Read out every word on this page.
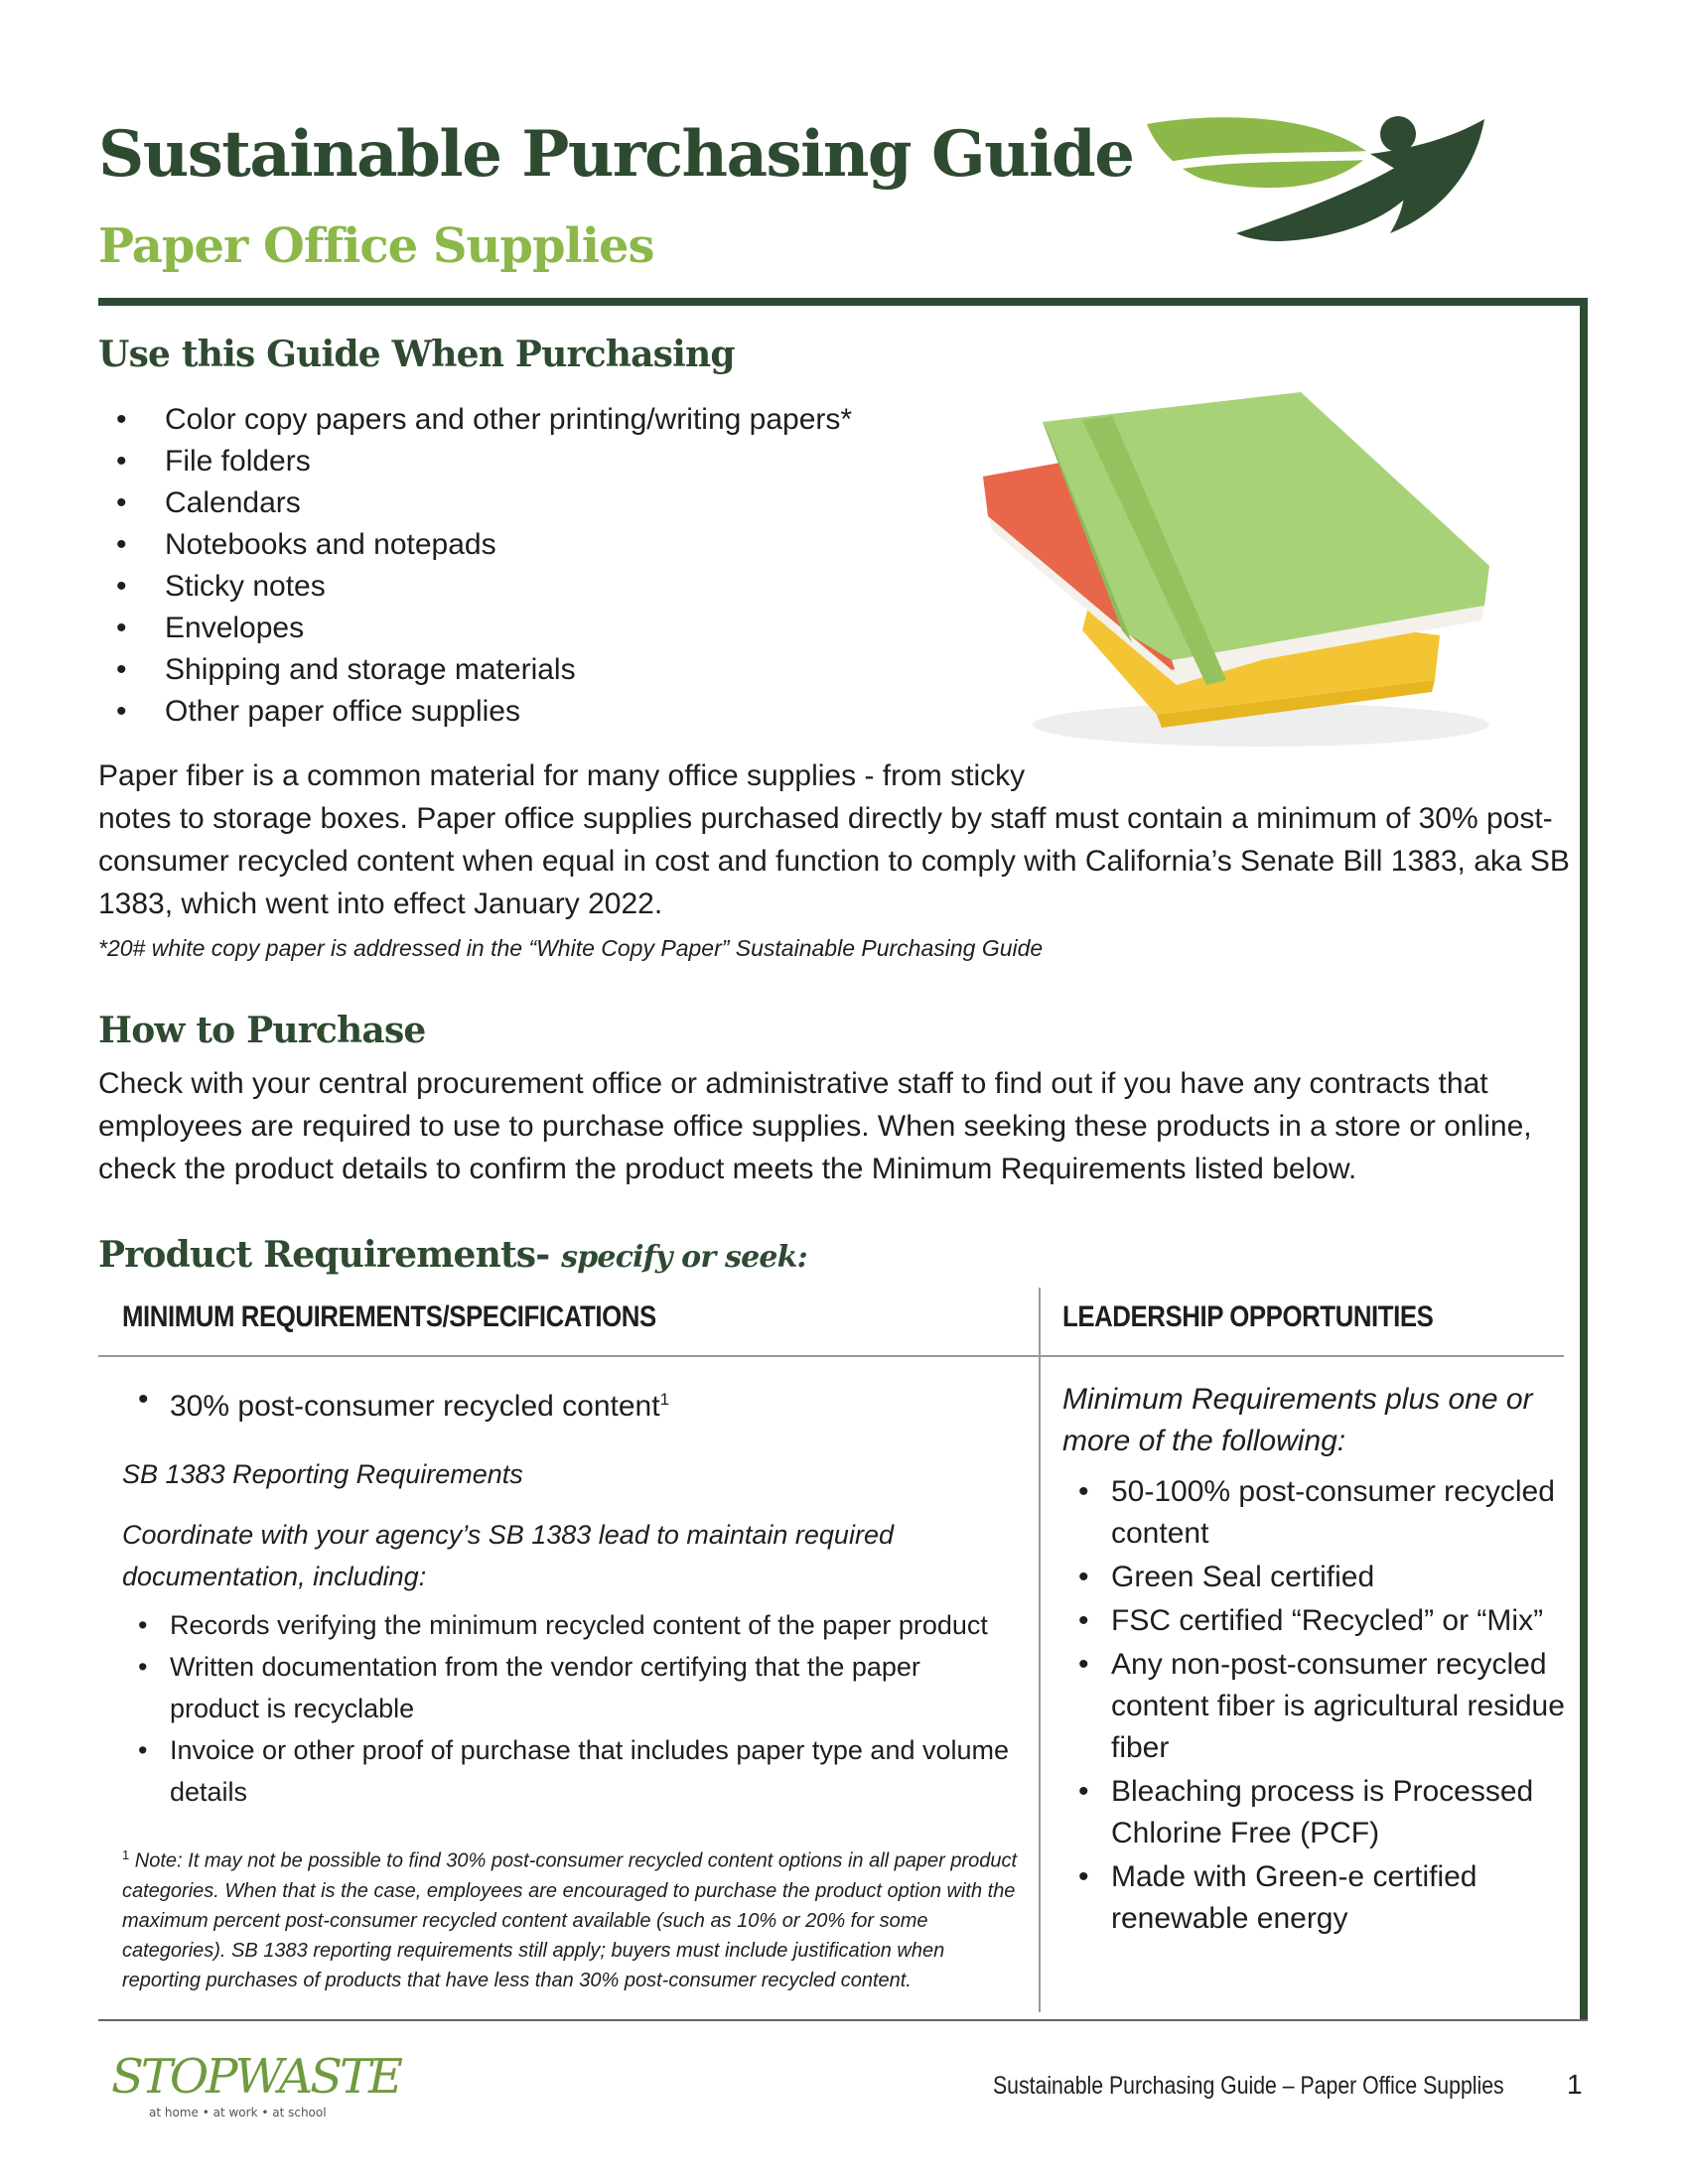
Sustainable Purchasing Guide
Paper Office Supplies
Use this Guide When Purchasing
• Color copy papers and other printing/writing papers*
• File folders
• Calendars
• Notebooks and notepads
• Sticky notes
• Envelopes
• Shipping and storage materials
• Other paper office supplies
Paper fiber is a common material for many office supplies - from sticky
notes to storage boxes. Paper office supplies purchased directly by staff must contain a minimum of 30% post-consumer recycled content when equal in cost and function to comply with California’s Senate Bill 1383, aka SB 1383, which went into effect January 2022.
*20# white copy paper is addressed in the “White Copy Paper” Sustainable Purchasing Guide
How to Purchase
Check with your central procurement office or administrative staff to find out if you have any contracts that employees are required to use to purchase office supplies. When seeking these products in a store or online, check the product details to confirm the product meets the Minimum Requirements listed below.
Product Requirements- specify or seek:
MINIMUM REQUIREMENTS/SPECIFICATIONS	LEADERSHIP OPPORTUNITIES
• 30% post-consumer recycled content$^1$
SB 1383 Reporting Requirements
Coordinate with your agency’s SB 1383 lead to maintain required documentation, including:
• Records verifying the minimum recycled content of the paper product
• Written documentation from the vendor certifying that the paper product is recyclable
• Invoice or other proof of purchase that includes paper type and volume details
$^1$ Note: It may not be possible to find 30% post-consumer recycled content options in all paper product categories. When that is the case, employees are encouraged to purchase the product option with the maximum percent post-consumer recycled content available (such as 10% or 20% for some categories). SB 1383 reporting requirements still apply; buyers must include justification when reporting purchases of products that have less than 30% post-consumer recycled content.
Minimum Requirements plus one or more of the following:
• 50-100% post-consumer recycled content
• Green Seal certified
• FSC certified “Recycled” or “Mix”
• Any non-post-consumer recycled content fiber is agricultural residue fiber
• Bleaching process is Processed Chlorine Free (PCF)
• Made with Green-e certified renewable energy
STOPWASTE
at home • at work • at school
Sustainable Purchasing Guide – Paper Office Supplies 1
